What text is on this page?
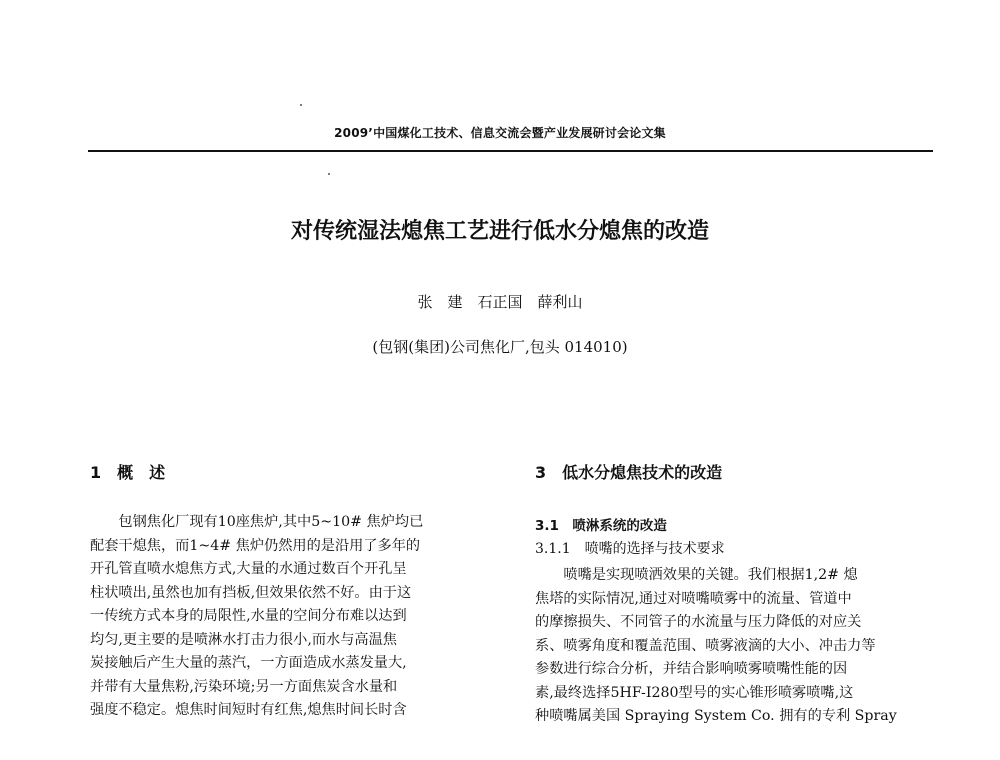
2009’中国煤化工技术、信息交流会暨产业发展研讨会论文集
对传统湿法熄焦工艺进行低水分熄焦的改造
张　建　石正国　薛利山
(包钢(集团)公司焦化厂,包头 014010)
1　概　述
　　包钢焦化厂现有10座焦炉,其中5~10# 焦炉均已
配套干熄焦，而1~4# 焦炉仍然用的是沿用了多年的
开孔管直喷水熄焦方式,大量的水通过数百个开孔呈
柱状喷出,虽然也加有挡板,但效果依然不好。由于这
一传统方式本身的局限性,水量的空间分布难以达到
均匀,更主要的是喷淋水打击力很小,而水与高温焦
炭接触后产生大量的蒸汽，一方面造成水蒸发量大,
并带有大量焦粉,污染环境;另一方面焦炭含水量和
强度不稳定。熄焦时间短时有红焦,熄焦时间长时含
3　低水分熄焦技术的改造
3.1　喷淋系统的改造
3.1.1　喷嘴的选择与技术要求
　　喷嘴是实现喷洒效果的关键。我们根据1,2# 熄
焦塔的实际情况,通过对喷嘴喷雾中的流量、管道中
的摩擦损失、不同管子的水流量与压力降低的对应关
系、喷雾角度和覆盖范围、喷雾液滴的大小、冲击力等
参数进行综合分析，并结合影响喷雾喷嘴性能的因
素,最终选择5HF-I280型号的实心锥形喷雾喷嘴,这
种喷嘴属美国 Spraying System Co. 拥有的专利 Spray
